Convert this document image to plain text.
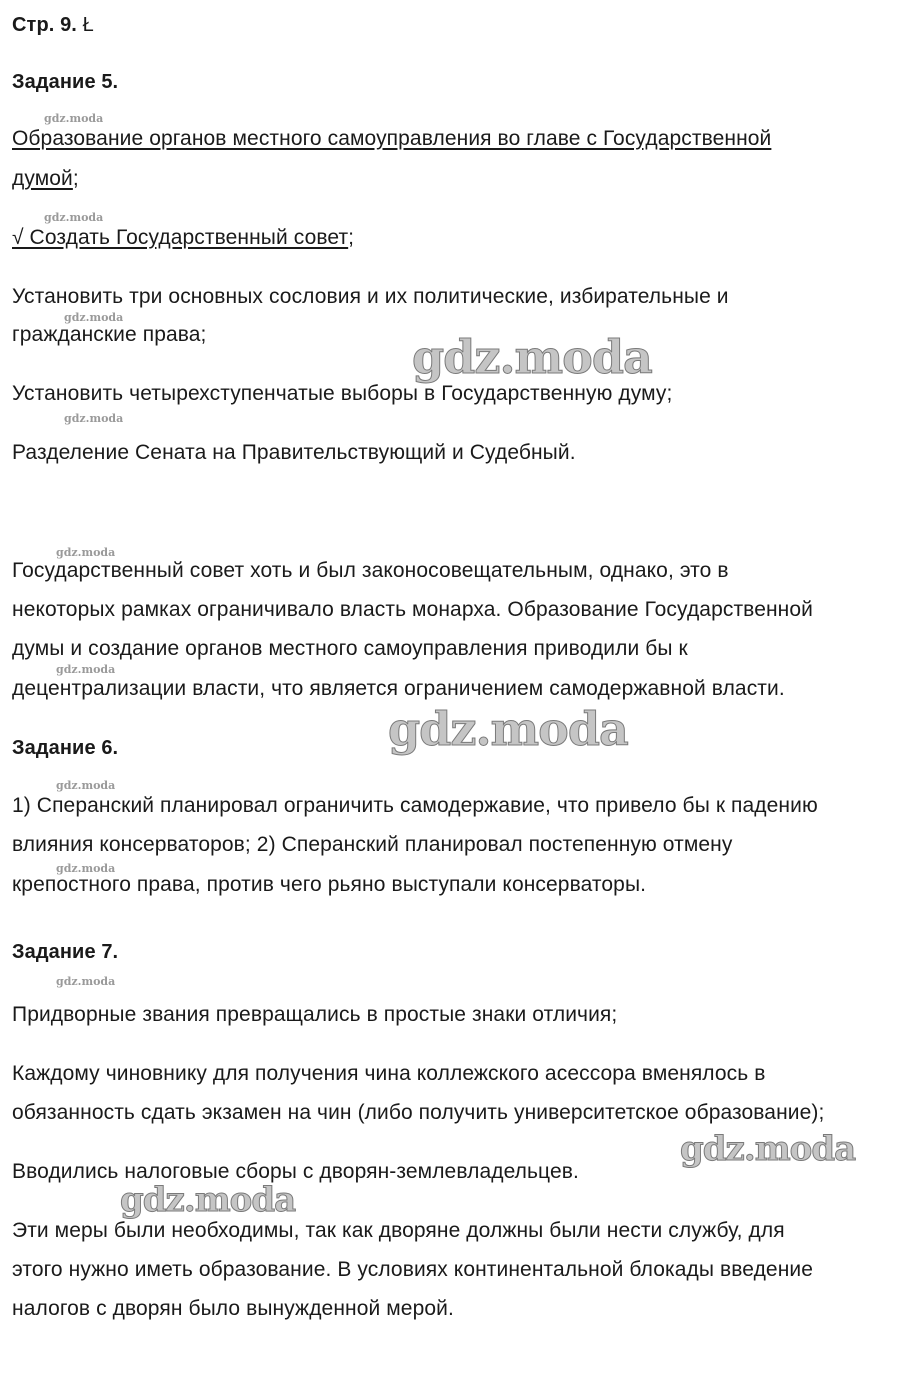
Стр. 9. Ł
Задание 5.
gdz.moda
Образование органов местного самоуправления во главе с Государственной
думой;
gdz.moda
√ Создать Государственный совет;
Установить три основных сословия и их политические, избирательные и
gdz.moda
гражданские права;	gdz.moda
Установить четырехступенчатые выборы в Государственную думу;
gdz.moda
Разделение Сената на Правительствующий и Судебный.
gdz.moda
Государственный совет хоть и был законосовещательным, однако, это в
некоторых рамках ограничивало власть монарха. Образование Государственной
думы и создание органов местного самоуправления приводили бы к
gdz.moda
децентрализации власти, что является ограничением самодержавной власти.
Задание 6.	gdz.moda
gdz.moda
1) Сперанский планировал ограничить самодержавие, что привело бы к падению
влияния консерваторов; 2) Сперанский планировал постепенную отмену
gdz.moda
крепостного права, против чего рьяно выступали консерваторы.
Задание 7.
gdz.moda
Придворные звания превращались в простые знаки отличия;
Каждому чиновнику для получения чина коллежского асессора вменялось в
обязанность сдать экзамен на чин (либо получить университетское образование);
gdz.moda
Вводились налоговые сборы с дворян-землевладельцев.
gdz.moda
Эти меры были необходимы, так как дворяне должны были нести службу, для
этого нужно иметь образование. В условиях континентальной блокады введение
налогов с дворян было вынужденной мерой.
